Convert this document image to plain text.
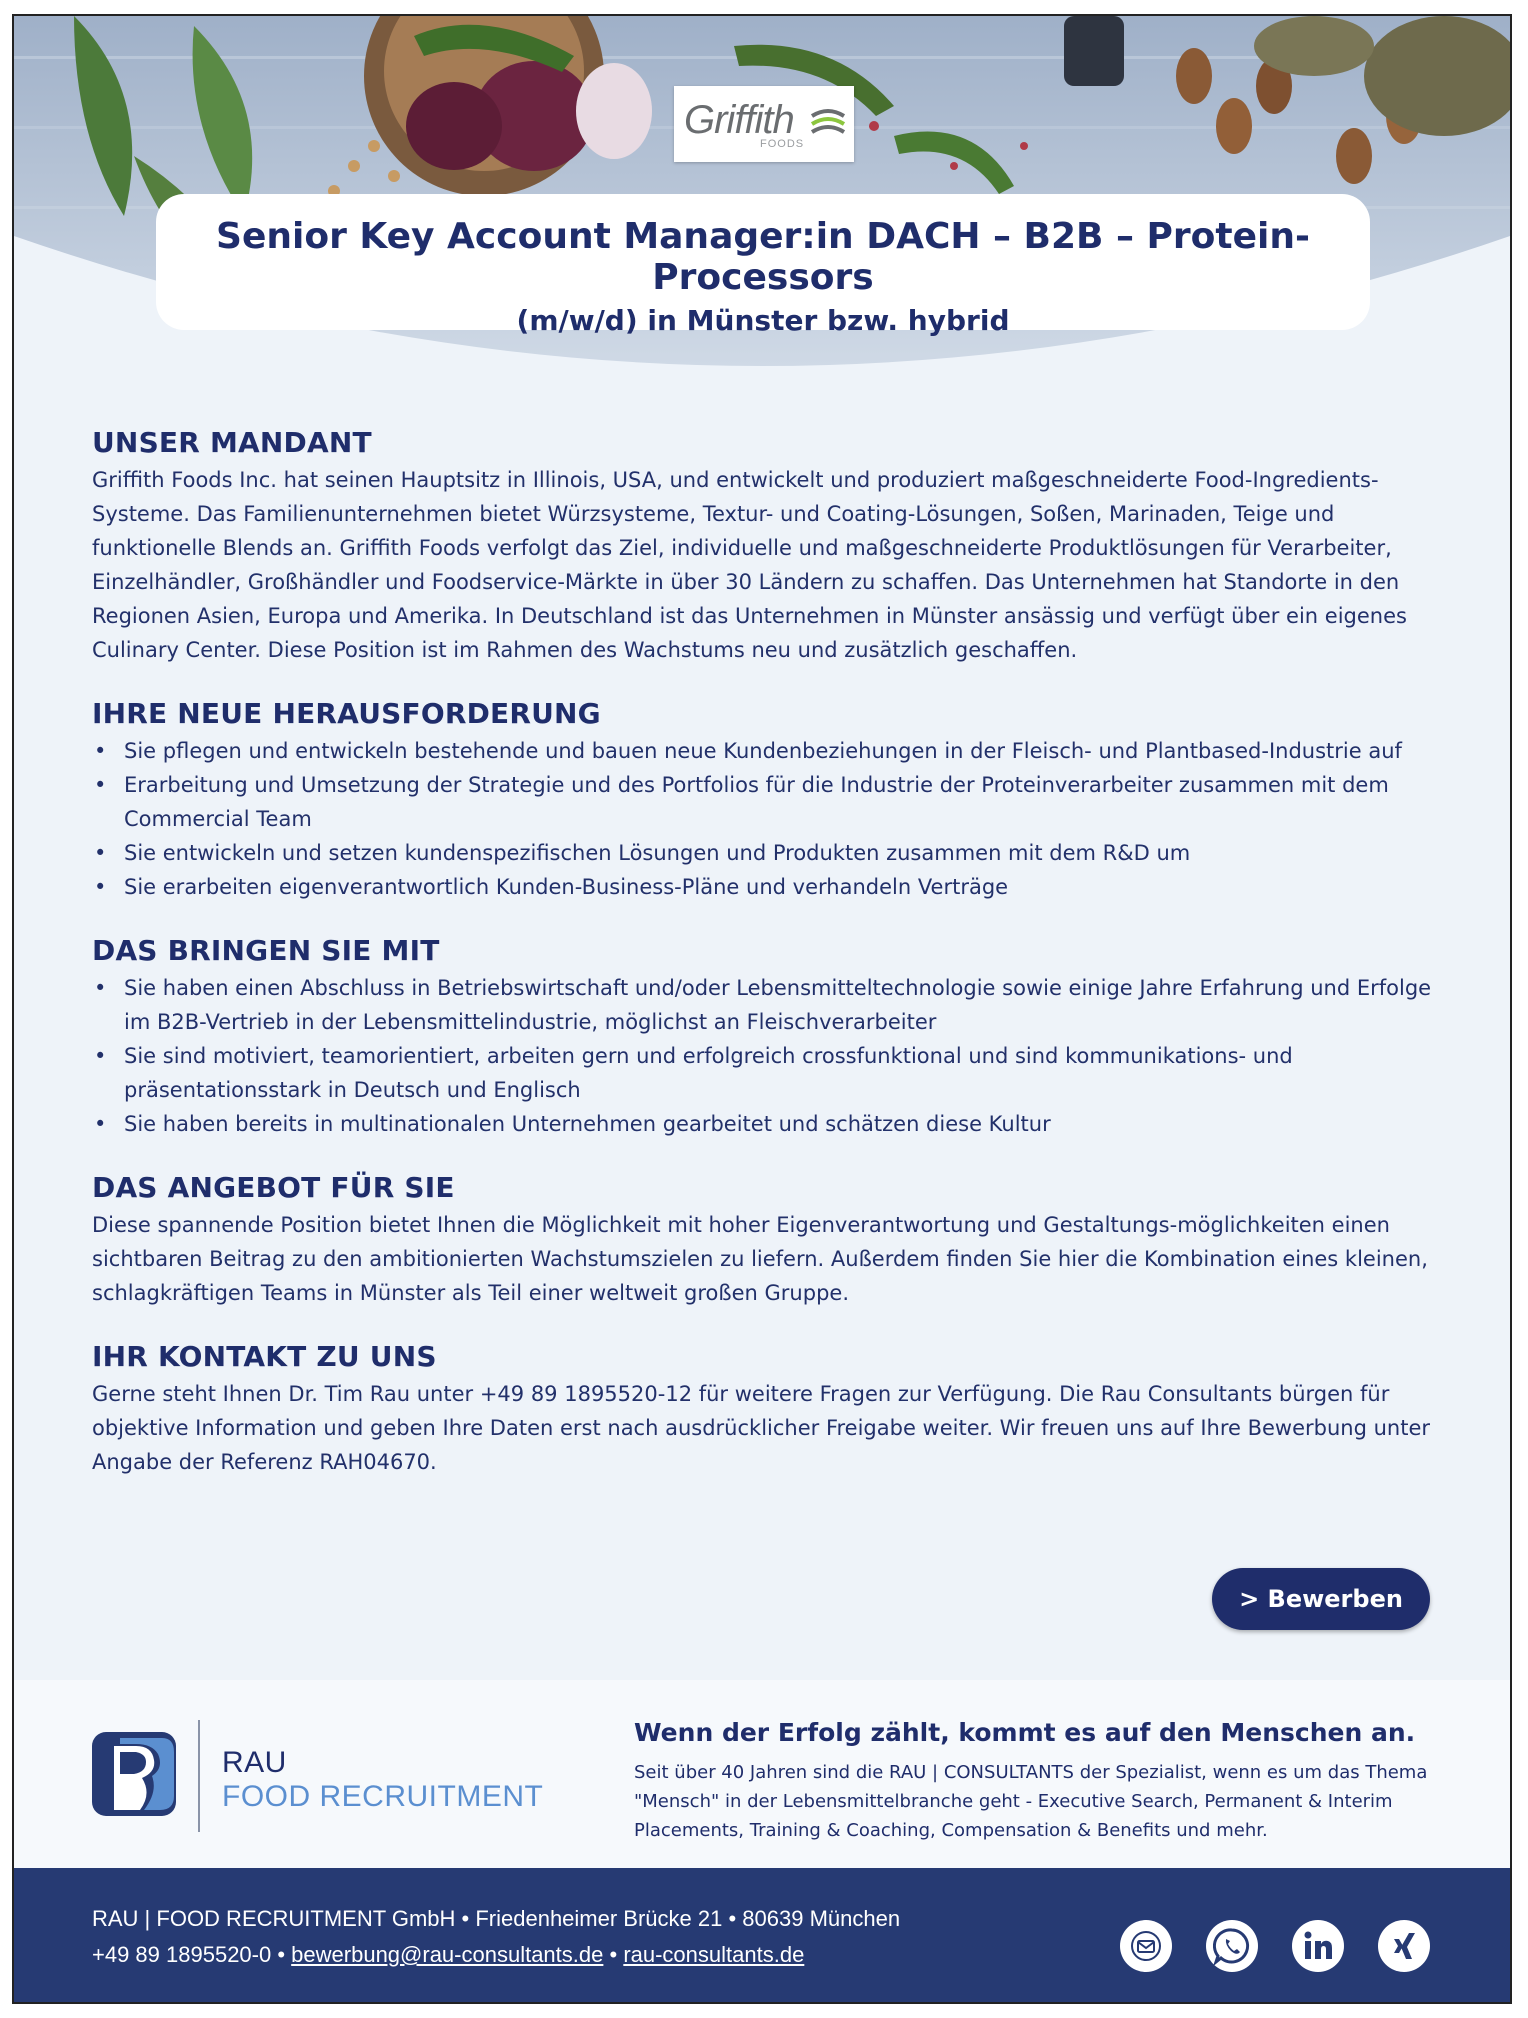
Griffith
FOODS
Senior Key Account Manager:in DACH – B2B – Protein-Processors
(m/w/d) in Münster bzw. hybrid
UNSER MANDANT

Griffith Foods Inc. hat seinen Hauptsitz in Illinois, USA, und entwickelt und produziert maßgeschneiderte Food-Ingredients-Systeme. Das Familienunternehmen bietet Würzsysteme, Textur- und Coating-Lösungen, Soßen, Marinaden, Teige und funktionelle Blends an. Griffith Foods verfolgt das Ziel, individuelle und maßgeschneiderte Produktlösungen für Verarbeiter, Einzelhändler, Großhändler und Foodservice-Märkte in über 30 Ländern zu schaffen. Das Unternehmen hat Standorte in den Regionen Asien, Europa und Amerika. In Deutschland ist das Unternehmen in Münster ansässig und verfügt über ein eigenes Culinary Center. Diese Position ist im Rahmen des Wachstums neu und zusätzlich geschaffen.

IHRE NEUE HERAUSFORDERUNG
• Sie pflegen und entwickeln bestehende und bauen neue Kundenbeziehungen in der Fleisch- und Plantbased-Industrie auf
• Erarbeitung und Umsetzung der Strategie und des Portfolios für die Industrie der Proteinverarbeiter zusammen mit dem Commercial Team
• Sie entwickeln und setzen kundenspezifischen Lösungen und Produkten zusammen mit dem R&D um
• Sie erarbeiten eigenverantwortlich Kunden-Business-Pläne und verhandeln Verträge
DAS BRINGEN SIE MIT
• Sie haben einen Abschluss in Betriebswirtschaft und/oder Lebensmitteltechnologie sowie einige Jahre Erfahrung und Erfolge im B2B-Vertrieb in der Lebensmittelindustrie, möglichst an Fleischverarbeiter
• Sie sind motiviert, teamorientiert, arbeiten gern und erfolgreich crossfunktional und sind kommunikations- und präsentationsstark in Deutsch und Englisch
• Sie haben bereits in multinationalen Unternehmen gearbeitet und schätzen diese Kultur
DAS ANGEBOT FÜR SIE

Diese spannende Position bietet Ihnen die Möglichkeit mit hoher Eigenverantwortung und Gestaltungs-möglichkeiten einen sichtbaren Beitrag zu den ambitionierten Wachstumszielen zu liefern. Außerdem finden Sie hier die Kombination eines kleinen, schlagkräftigen Teams in Münster als Teil einer weltweit großen Gruppe.

IHR KONTAKT ZU UNS

Gerne steht Ihnen Dr. Tim Rau unter +49 89 1895520-12 für weitere Fragen zur Verfügung. Die Rau Consultants bürgen für objektive Information und geben Ihre Daten erst nach ausdrücklicher Freigabe weiter. Wir freuen uns auf Ihre Bewerbung unter Angabe der Referenz RAH04670.

> Bewerben
RAU
FOOD RECRUITMENT
Wenn der Erfolg zählt, kommt es auf den Menschen an.
Seit über 40 Jahren sind die RAU | CONSULTANTS der Spezialist, wenn es um das Thema "Mensch" in der Lebensmittelbranche geht - Executive Search, Permanent & Interim Placements, Training & Coaching, Compensation & Benefits und mehr.
RAU | FOOD RECRUITMENT GmbH • Friedenheimer Brücke 21 • 80639 München
+49 89 1895520-0 • bewerbung@rau-consultants.de • rau-consultants.de
